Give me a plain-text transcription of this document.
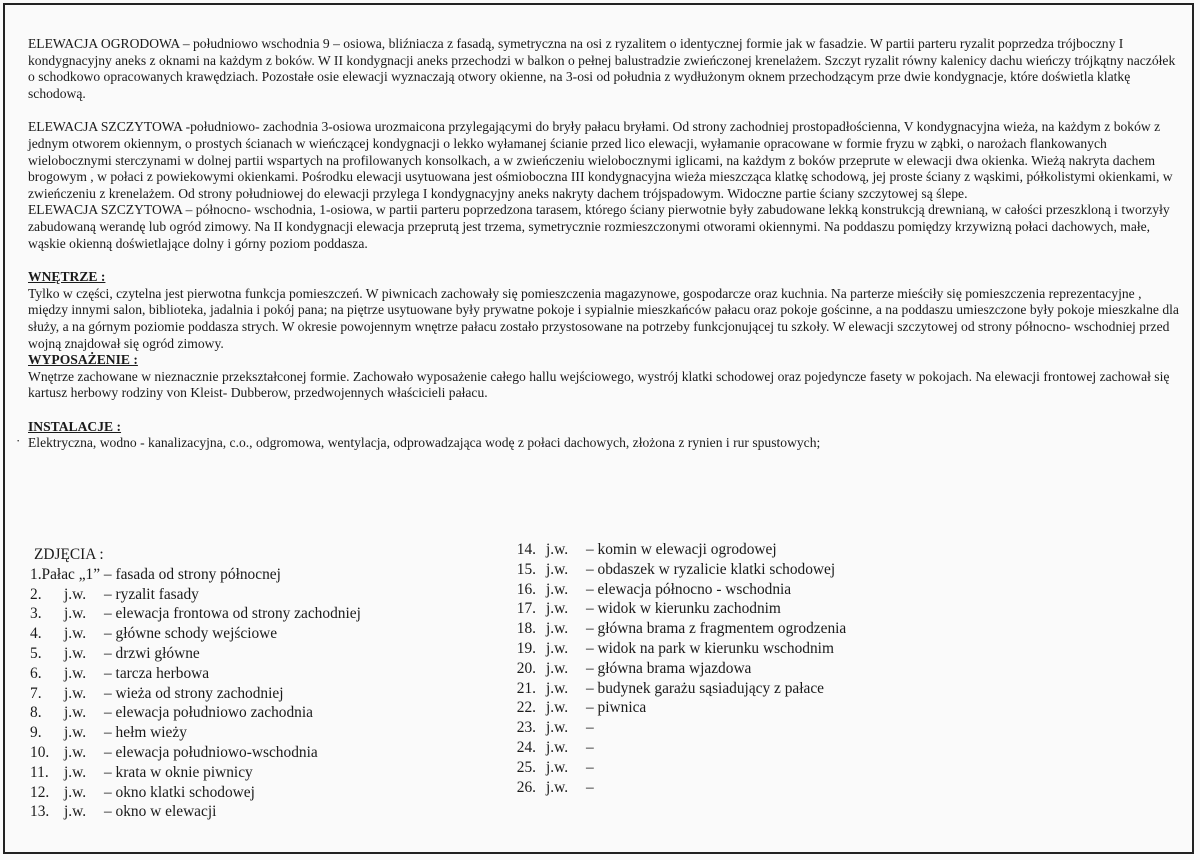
ELEWACJA OGRODOWA – południowo wschodnia 9 – osiowa, bliźniacza z fasadą, symetryczna na osi z ryzalitem o identycznej formie jak w fasadzie. W partii parteru ryzalit poprzedza trójboczny I kondygnacyjny aneks z oknami na każdym z boków. W II kondygnacji aneks przechodzi w balkon o pełnej balustradzie zwieńczonej krenelażem. Szczyt ryzalit równy kalenicy dachu wieńczy trójkątny naczółek o schodkowo opracowanych krawędziach. Pozostałe osie elewacji wyznaczają otwory okienne, na 3-osi od południa z wydłużonym oknem przechodzącym prze dwie kondygnacje, które doświetla klatkę schodową.

ELEWACJA SZCZYTOWA -południowo- zachodnia 3-osiowa urozmaicona przylegającymi do bryły pałacu bryłami. Od strony zachodniej prostopadłościenna, V kondygnacyjna wieża, na każdym z boków z jednym otworem okiennym, o prostych ścianach w wieńczącej kondygnacji o lekko wyłamanej ścianie przed lico elewacji, wyłamanie opracowane w formie fryzu w ząbki, o narożach flankowanych wielobocznymi sterczynami w dolnej partii wspartych na profilowanych konsolkach, a w zwieńczeniu wielobocznymi iglicami, na każdym z boków przeprute w elewacji dwa okienka. Wieżą nakryta dachem brogowym , w połaci z powiekowymi okienkami. Pośrodku elewacji usytuowana jest ośmioboczna III kondygnacyjna wieża mieszcząca klatkę schodową, jej proste ściany z wąskimi, półkolistymi okienkami, w zwieńczeniu z krenelażem. Od strony południowej do elewacji przylega I kondygnacyjny aneks nakryty dachem trójspadowym. Widoczne partie ściany szczytowej są ślepe.

ELEWACJA SZCZYTOWA – północno- wschodnia, 1-osiowa, w partii parteru poprzedzona tarasem, którego ściany pierwotnie były zabudowane lekką konstrukcją drewnianą, w całości przeszkloną i tworzyły zabudowaną werandę lub ogród zimowy. Na II kondygnacji elewacja przeprutą jest trzema, symetrycznie rozmieszczonymi otworami okiennymi. Na poddaszu pomiędzy krzywizną połaci dachowych, małe, wąskie okienną doświetlające dolny i górny poziom poddasza.

WNĘTRZE :

Tylko w części, czytelna jest pierwotna funkcja pomieszczeń. W piwnicach zachowały się pomieszczenia magazynowe, gospodarcze oraz kuchnia. Na parterze mieściły się pomieszczenia reprezentacyjne , między innymi salon, biblioteka, jadalnia i pokój pana; na piętrze usytuowane były prywatne pokoje i sypialnie mieszkańców pałacu oraz pokoje gościnne, a na poddaszu umieszczone były pokoje mieszkalne dla służy, a na górnym poziomie poddasza strych. W okresie powojennym wnętrze pałacu zostało przystosowane na potrzeby funkcjonującej tu szkoły. W elewacji szczytowej od strony północno- wschodniej przed wojną znajdował się ogród zimowy.

WYPOSAŻENIE :

Wnętrze zachowane w nieznacznie przekształconej formie. Zachowało wyposażenie całego hallu wejściowego, wystrój klatki schodowej oraz pojedyncze fasety w pokojach. Na elewacji frontowej zachował się kartusz herbowy rodziny von Kleist- Dubberow, przedwojennych właścicieli pałacu.

INSTALACJE :

· Elektryczna, wodno - kanalizacyjna, c.o., odgromowa, wentylacja, odprowadzająca wodę z połaci dachowych, złożona z rynien i rur spustowych;

ZDJĘCIA :

1.Pałac „1” – fasada od strony północnej
2.	j.w.	– ryzalit fasady
3.	j.w.	– elewacja frontowa od strony zachodniej
4.	j.w.	– główne schody wejściowe
5.	j.w.	– drzwi główne
6.	j.w.	– tarcza herbowa
7.	j.w.	– wieża od strony zachodniej
8.	j.w.	– elewacja południowo zachodnia
9.	j.w.	– hełm wieży
10. j.w.	– elewacja południowo-wschodnia
11. j.w.	– krata w oknie piwnicy
12. j.w.	– okno klatki schodowej
13. j.w.	– okno w elewacji
14. j.w.	– komin w elewacji ogrodowej
15. j.w.	– obdaszek w ryzalicie klatki schodowej
16. j.w.	– elewacja północno - wschodnia
17. j.w.	– widok w kierunku zachodnim
18. j.w.	– główna brama z fragmentem ogrodzenia
19. j.w.	– widok na park w kierunku wschodnim
20. j.w.	– główna brama wjazdowa
21. j.w.	– budynek garażu sąsiadujący z pałace
22. j.w.	– piwnica
23. j.w.	–
24. j.w.	–
25. j.w.	–
26. j.w.	–
